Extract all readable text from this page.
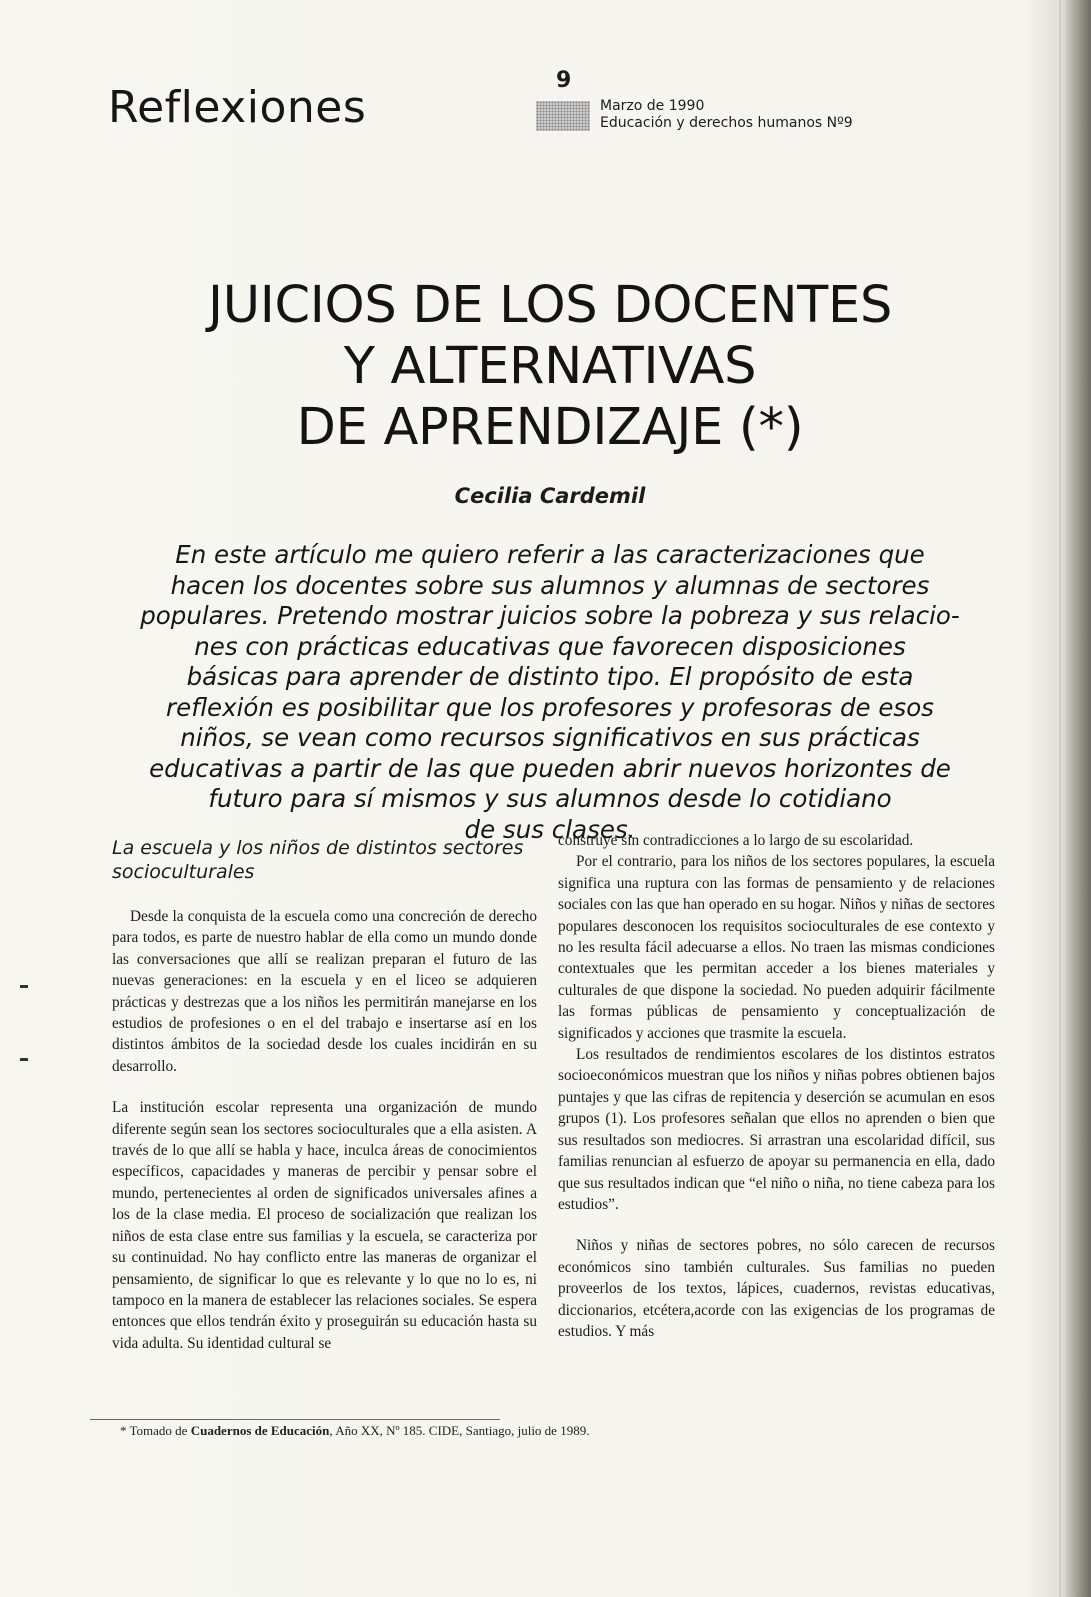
Reflexiones
9
Marzo de 1990
Educación y derechos humanos Nº9
JUICIOS DE LOS DOCENTES
Y ALTERNATIVAS
DE APRENDIZAJE (*)
Cecilia Cardemil
En este artículo me quiero referir a las caracterizaciones que
hacen los docentes sobre sus alumnos y alumnas de sectores
populares. Pretendo mostrar juicios sobre la pobreza y sus relacio-
nes con prácticas educativas que favorecen disposiciones
básicas para aprender de distinto tipo. El propósito de esta
reflexión es posibilitar que los profesores y profesoras de esos
niños, se vean como recursos significativos en sus prácticas
educativas a partir de las que pueden abrir nuevos horizontes de
futuro para sí mismos y sus alumnos desde lo cotidiano
de sus clases.
La escuela y los niños de distintos sectores socioculturales

Desde la conquista de la escuela como una concreción de derecho para todos, es parte de nuestro hablar de ella como un mundo donde las conversaciones que allí se realizan preparan el futuro de las nuevas generaciones: en la escuela y en el liceo se adquieren prácticas y destrezas que a los niños les permitirán manejarse en los estudios de profesiones o en el del trabajo e insertarse así en los distintos ámbitos de la sociedad desde los cuales incidirán en su desarrollo.

La institución escolar representa una organización de mundo diferente según sean los sectores socioculturales que a ella asisten. A través de lo que allí se habla y hace, inculca áreas de conocimientos específicos, capacidades y maneras de percibir y pensar sobre el mundo, pertenecientes al orden de significados universales afines a los de la clase media. El proceso de socialización que realizan los niños de esta clase entre sus familias y la escuela, se caracteriza por su continuidad. No hay conflicto entre las maneras de organizar el pensamiento, de significar lo que es relevante y lo que no lo es, ni tampoco en la manera de establecer las relaciones sociales. Se espera entonces que ellos tendrán éxito y proseguirán su educación hasta su vida adulta. Su identidad cultural se

construye sin contradicciones a lo largo de su escolaridad.

Por el contrario, para los niños de los sectores populares, la escuela significa una ruptura con las formas de pensamiento y de relaciones sociales con las que han operado en su hogar. Niños y niñas de sectores populares desconocen los requisitos socioculturales de ese contexto y no les resulta fácil adecuarse a ellos. No traen las mismas condiciones contextuales que les permitan acceder a los bienes materiales y culturales de que dispone la sociedad. No pueden adquirir fácilmente las formas públicas de pensamiento y conceptualización de significados y acciones que trasmite la escuela.

Los resultados de rendimientos escolares de los distintos estratos socioeconómicos muestran que los niños y niñas pobres obtienen bajos puntajes y que las cifras de repitencia y deserción se acumulan en esos grupos (1). Los profesores señalan que ellos no aprenden o bien que sus resultados son mediocres. Si arrastran una escolaridad difícil, sus familias renuncian al esfuerzo de apoyar su permanencia en ella, dado que sus resultados indican que “el niño o niña, no tiene cabeza para los estudios”.

Niños y niñas de sectores pobres, no sólo carecen de recursos económicos sino también culturales. Sus familias no pueden proveerlos de los textos, lápices, cuadernos, revistas educativas, diccionarios, etcétera,acorde con las exigencias de los programas de estudios. Y más

* Tomado de Cuadernos de Educación, Año XX, Nº 185. CIDE, Santiago, julio de 1989.
